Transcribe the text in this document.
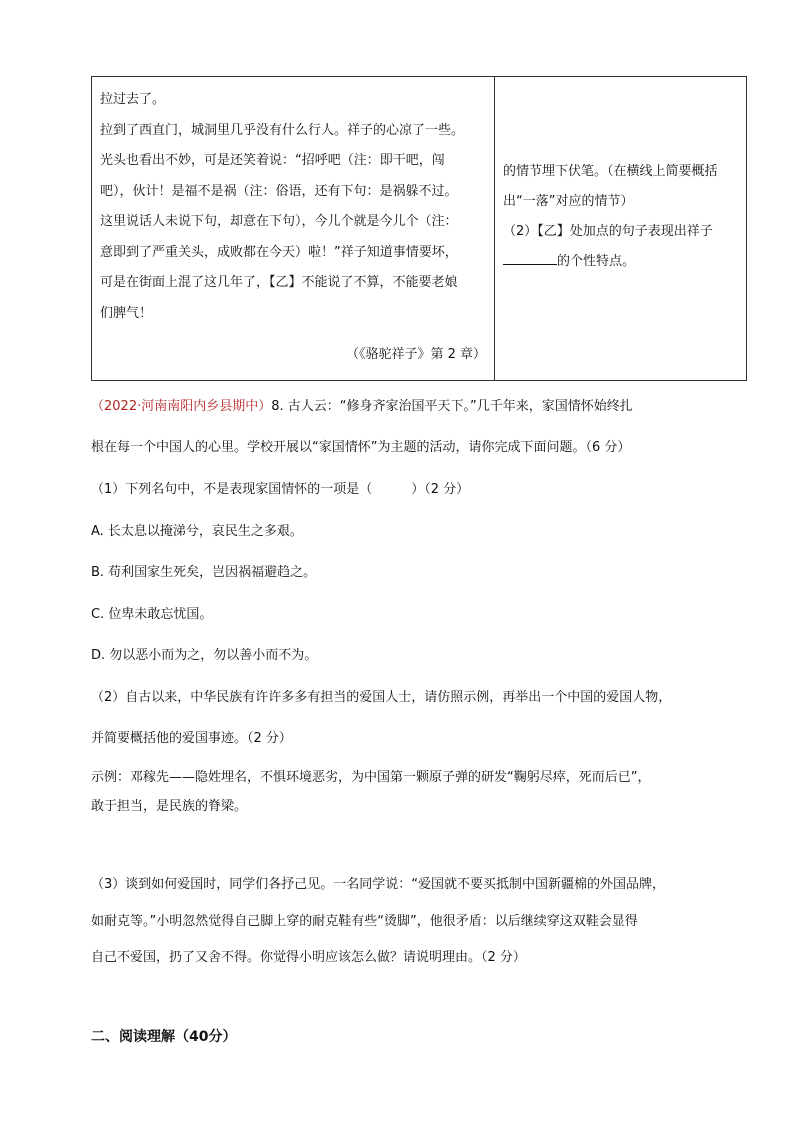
拉过去了。

拉到了西直门，城洞里几乎没有什么行人。祥子的心凉了一些。

光头也看出不妙，可是还笑着说：“招呼吧（注：即干吧，闯

吧），伙计！是福不是祸（注：俗语，还有下句：是祸躲不过。

这里说话人未说下句，却意在下句），今儿个就是今儿个（注：

意即到了严重关头，成败都在今天）啦！”祥子知道事情要坏，

可是在街面上混了这几年了，【乙】不能说了不算，不能要老娘

们脾气！

（《骆驼祥子》第 2 章）

的情节埋下伏笔。（在横线上简要概括

出“一落”对应的情节）

（2）【乙】处加点的句子表现出祥子

的个性特点。

（2022·河南南阳内乡县期中）8. 古人云：“修身齐家治国平天下。”几千年来，家国情怀始终扎

根在每一个中国人的心里。学校开展以“家国情怀”为主题的活动，请你完成下面问题。（6 分）

（1）下列名句中，不是表现家国情怀的一项是（　　　）（2 分）

A. 长太息以掩涕兮，哀民生之多艰。

B. 苟利国家生死矣，岂因祸福避趋之。

C. 位卑未敢忘忧国。

D. 勿以恶小而为之，勿以善小而不为。

（2）自古以来，中华民族有许许多多有担当的爱国人士，请仿照示例，再举出一个中国的爱国人物，

并简要概括他的爱国事迹。（2 分）

示例：邓稼先——隐姓埋名，不惧环境恶劣，为中国第一颗原子弹的研发“鞠躬尽瘁，死而后已”，

敢于担当，是民族的脊梁。

（3）谈到如何爱国时，同学们各抒己见。一名同学说：“爱国就不要买抵制中国新疆棉的外国品牌，

如耐克等。”小明忽然觉得自己脚上穿的耐克鞋有些“烫脚”，他很矛盾：以后继续穿这双鞋会显得

自己不爱国，扔了又舍不得。你觉得小明应该怎么做？请说明理由。（2 分）

二、阅读理解（40分）
